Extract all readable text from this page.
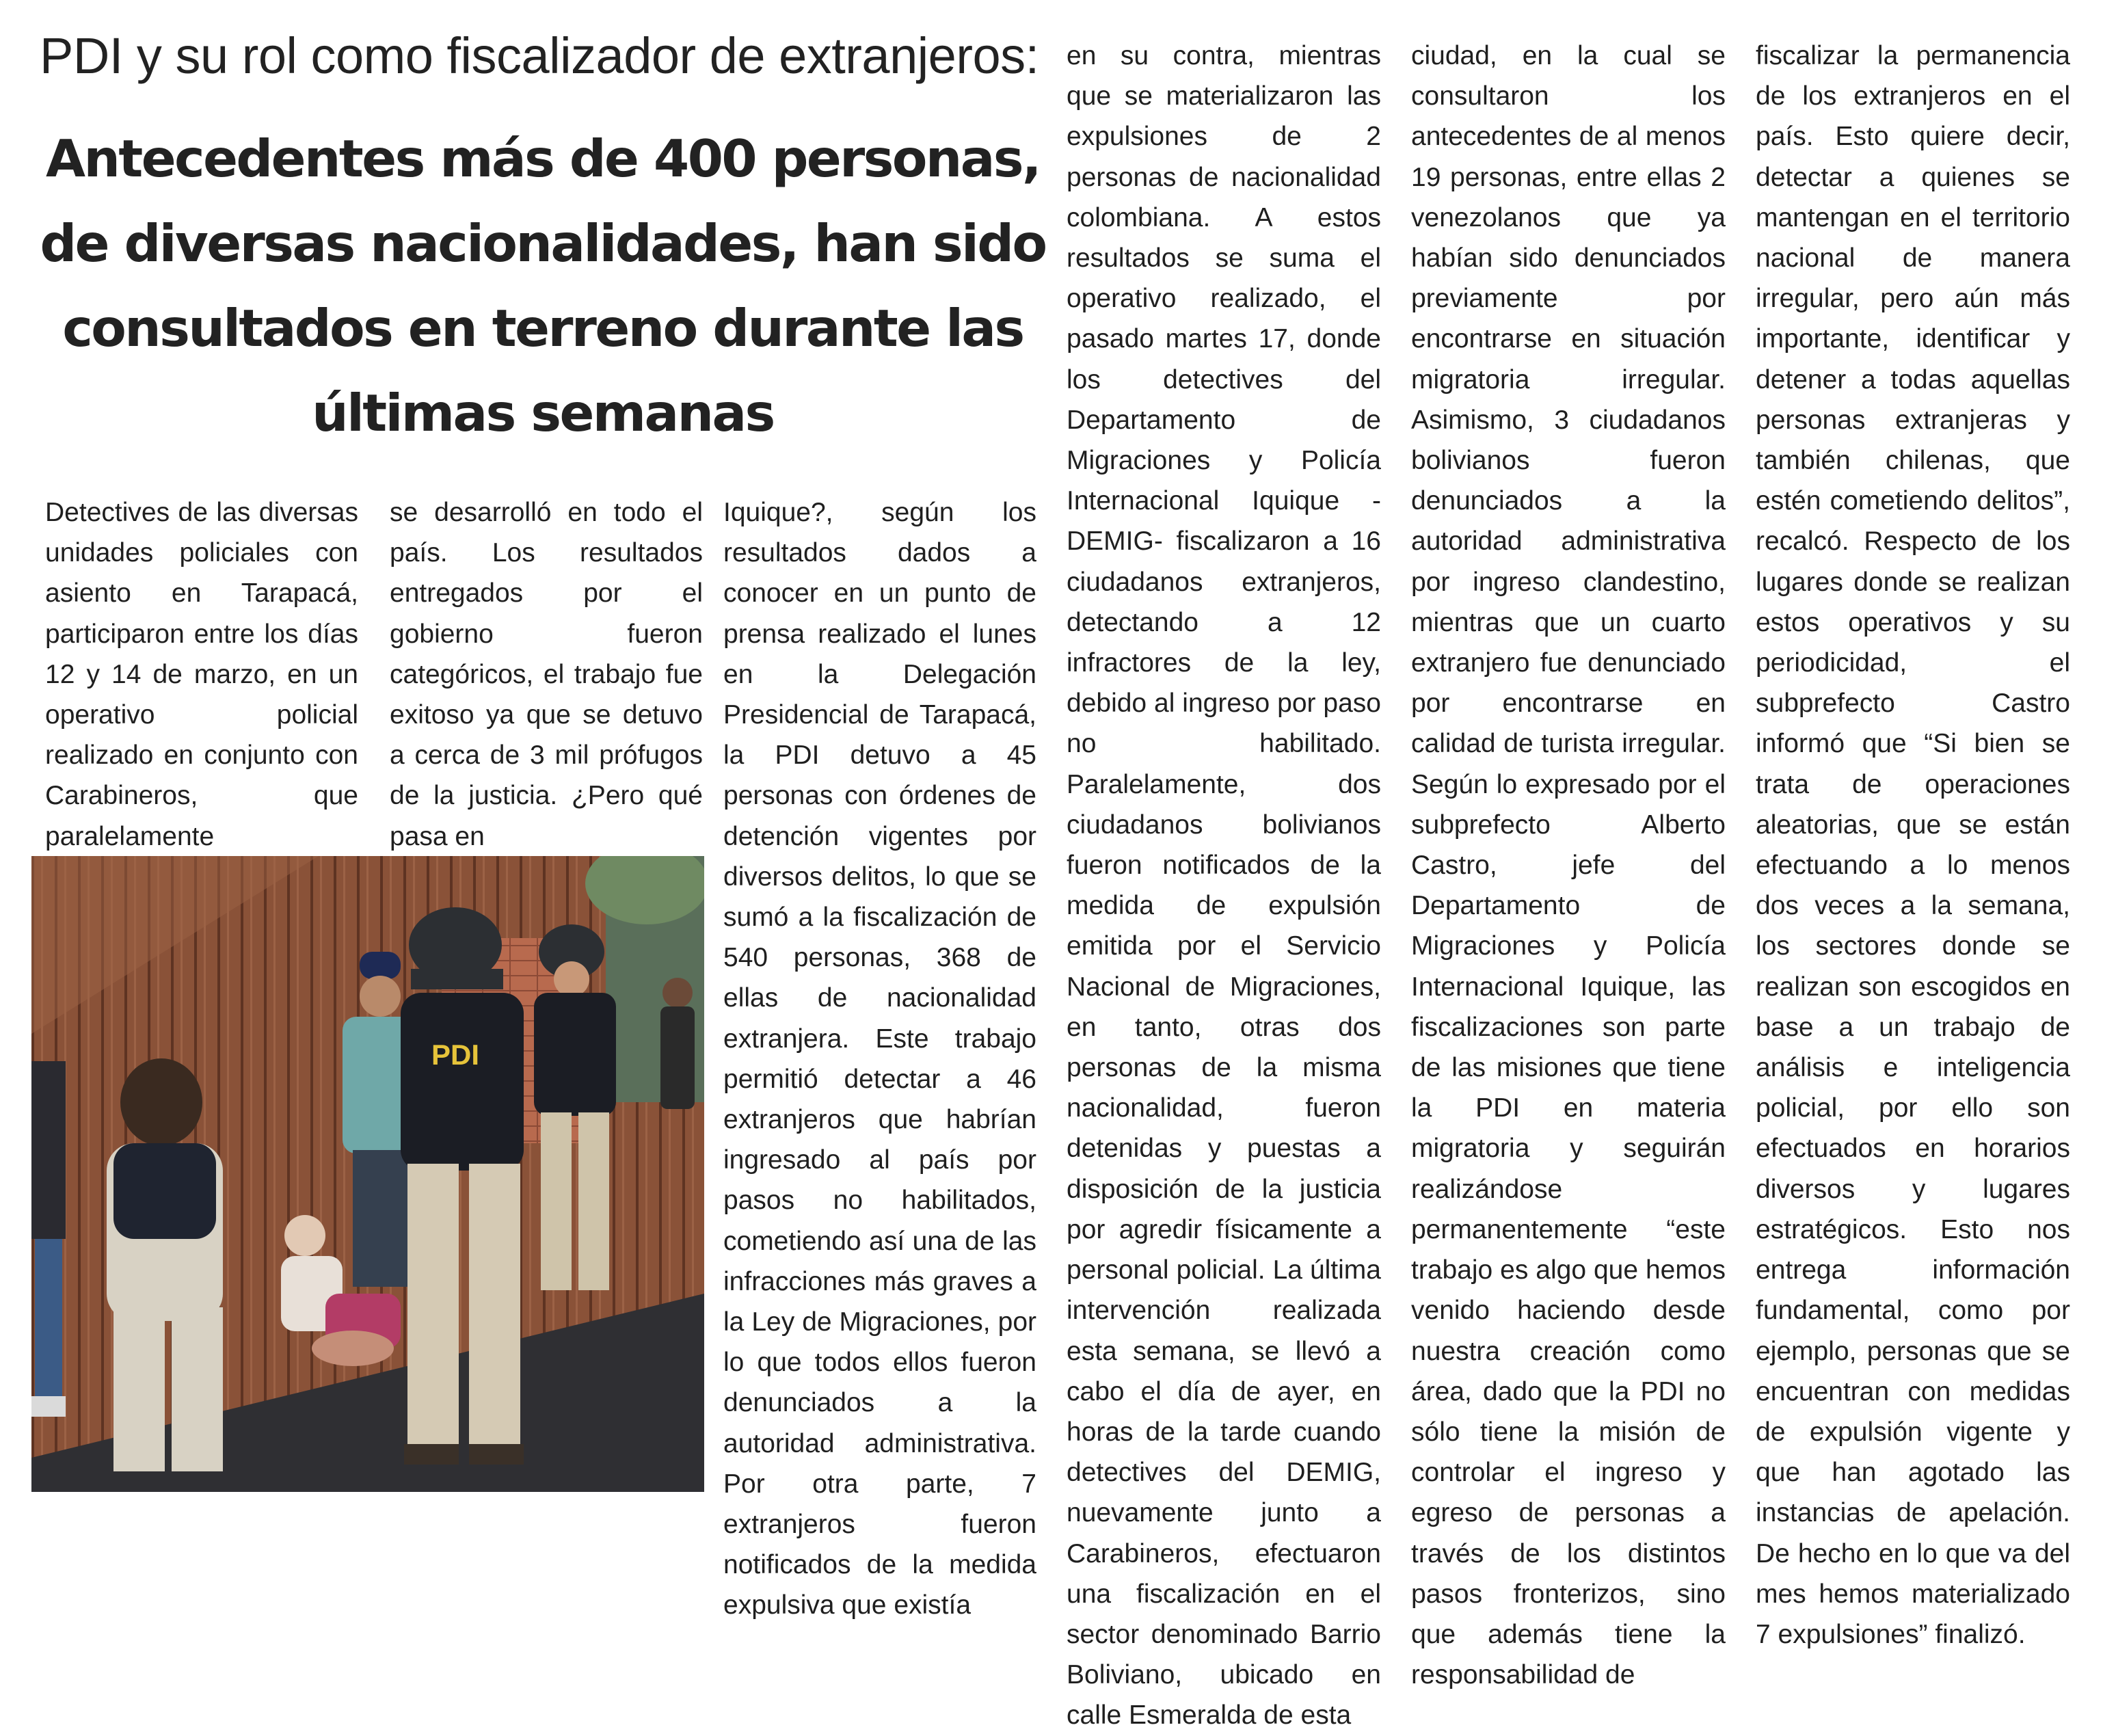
PDI y su rol como fiscalizador de extranjeros:
Antecedentes más de 400 personas, de diversas nacionalidades, han sido consultados en terreno durante las últimas semanas

Detectives de las diversas unidades policiales con asiento en Tarapacá, participaron entre los días 12 y 14 de marzo, en un operativo policial realizado en conjunto con Carabineros, que paralelamente

se desarrolló en todo el país. Los resultados entregados por el gobierno fueron categóricos, el trabajo fue exitoso ya que se detuvo a cerca de 3 mil prófugos de la justicia. ¿Pero qué pasa en

Iquique?, según los resultados dados a conocer en un punto de prensa realizado el lunes en la Delegación Presidencial de Tarapacá, la PDI detuvo a 45 personas con órdenes de detención vigentes por diversos delitos, lo que se sumó a la fiscalización de 540 personas, 368 de ellas de nacionalidad extranjera. Este trabajo permitió detectar a 46 extranjeros que habrían ingresado al país por pasos no habilitados, cometiendo así una de las infracciones más graves a la Ley de Migraciones, por lo que todos ellos fueron denunciados a la autoridad administrativa. Por otra parte, 7 extranjeros fueron notificados de la medida expulsiva que existía

en su contra, mientras que se materializaron las expulsiones de 2 personas de nacionalidad colombiana. A estos resultados se suma el operativo realizado, el pasado martes 17, donde los detectives del Departamento de Migraciones y Policía Internacional Iquique -DEMIG- fiscalizaron a 16 ciudadanos extranjeros, detectando a 12 infractores de la ley, debido al ingreso por paso no habilitado. Paralelamente, dos ciudadanos bolivianos fueron notificados de la medida de expulsión emitida por el Servicio Nacional de Migraciones, en tanto, otras dos personas de la misma nacionalidad, fueron detenidas y puestas a disposición de la justicia por agredir físicamente a personal policial. La última intervención realizada esta semana, se llevó a cabo el día de ayer, en horas de la tarde cuando detectives del DEMIG, nuevamente junto a Carabineros, efectuaron una fiscalización en el sector denominado Barrio Boliviano, ubicado en calle Esmeralda de esta

ciudad, en la cual se consultaron los antecedentes de al menos 19 personas, entre ellas 2 venezolanos que ya habían sido denunciados previamente por encontrarse en situación migratoria irregular. Asimismo, 3 ciudadanos bolivianos fueron denunciados a la autoridad administrativa por ingreso clandestino, mientras que un cuarto extranjero fue denunciado por encontrarse en calidad de turista irregular. Según lo expresado por el subprefecto Alberto Castro, jefe del Departamento de Migraciones y Policía Internacional Iquique, las fiscalizaciones son parte de las misiones que tiene la PDI en materia migratoria y seguirán realizándose permanentemente “este trabajo es algo que hemos venido haciendo desde nuestra creación como área, dado que la PDI no sólo tiene la misión de controlar el ingreso y egreso de personas a través de los distintos pasos fronterizos, sino que además tiene la responsabilidad de

fiscalizar la permanencia de los extranjeros en el país. Esto quiere decir, detectar a quienes se mantengan en el territorio nacional de manera irregular, pero aún más importante, identificar y detener a todas aquellas personas extranjeras y también chilenas, que estén cometiendo delitos”, recalcó. Respecto de los lugares donde se realizan estos operativos y su periodicidad, el subprefecto Castro informó que “Si bien se trata de operaciones aleatorias, que se están efectuando a lo menos dos veces a la semana, los sectores donde se realizan son escogidos en base a un trabajo de análisis e inteligencia policial, por ello son efectuados en horarios diversos y lugares estratégicos. Esto nos entrega información fundamental, como por ejemplo, personas que se encuentran con medidas de expulsión vigente y que han agotado las instancias de apelación. De hecho en lo que va del mes hemos materializado 7 expulsiones” finalizó.

PDI
